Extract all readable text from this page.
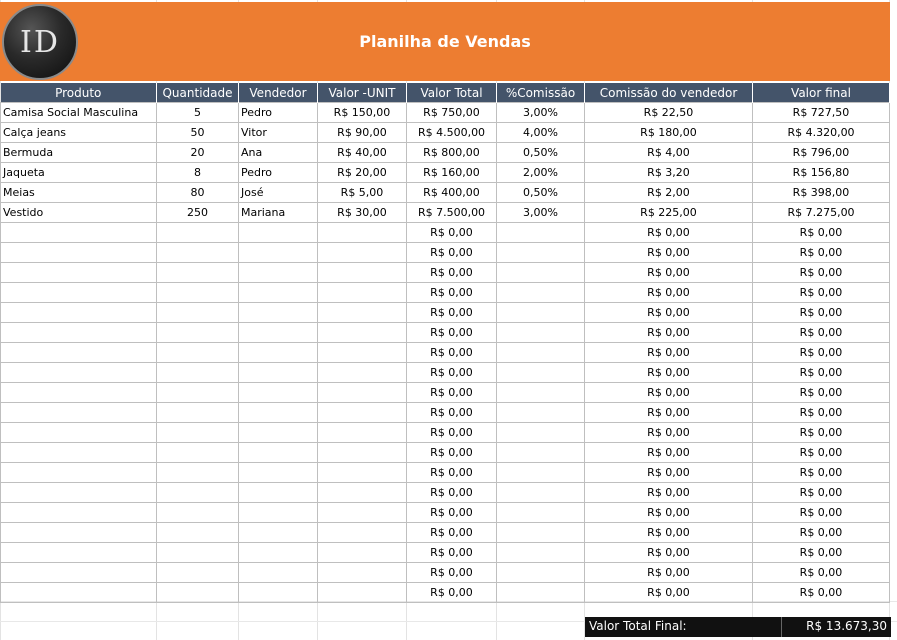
ID	Planilha de Vendas
Produto	Quantidade	Vendedor	Valor -UNIT	Valor Total	%Comissão	Comissão do vendedor	Valor final
Camisa Social Masculina	5	Pedro	R$ 150,00	R$ 750,00	3,00%	R$ 22,50	R$ 727,50
Calça jeans	50	Vitor	R$ 90,00	R$ 4.500,00	4,00%	R$ 180,00	R$ 4.320,00
Bermuda	20	Ana	R$ 40,00	R$ 800,00	0,50%	R$ 4,00	R$ 796,00
Jaqueta	8	Pedro	R$ 20,00	R$ 160,00	2,00%	R$ 3,20	R$ 156,80
Meias	80	José	R$ 5,00	R$ 400,00	0,50%	R$ 2,00	R$ 398,00
Vestido	250	Mariana	R$ 30,00	R$ 7.500,00	3,00%	R$ 225,00	R$ 7.275,00
				R$ 0,00		R$ 0,00	R$ 0,00
				R$ 0,00		R$ 0,00	R$ 0,00
				R$ 0,00		R$ 0,00	R$ 0,00
				R$ 0,00		R$ 0,00	R$ 0,00
				R$ 0,00		R$ 0,00	R$ 0,00
				R$ 0,00		R$ 0,00	R$ 0,00
				R$ 0,00		R$ 0,00	R$ 0,00
				R$ 0,00		R$ 0,00	R$ 0,00
				R$ 0,00		R$ 0,00	R$ 0,00
				R$ 0,00		R$ 0,00	R$ 0,00
				R$ 0,00		R$ 0,00	R$ 0,00
				R$ 0,00		R$ 0,00	R$ 0,00
				R$ 0,00		R$ 0,00	R$ 0,00
				R$ 0,00		R$ 0,00	R$ 0,00
				R$ 0,00		R$ 0,00	R$ 0,00
				R$ 0,00		R$ 0,00	R$ 0,00
				R$ 0,00		R$ 0,00	R$ 0,00
				R$ 0,00		R$ 0,00	R$ 0,00
				R$ 0,00		R$ 0,00	R$ 0,00
Valor Total Final:	R$ 13.673,30
